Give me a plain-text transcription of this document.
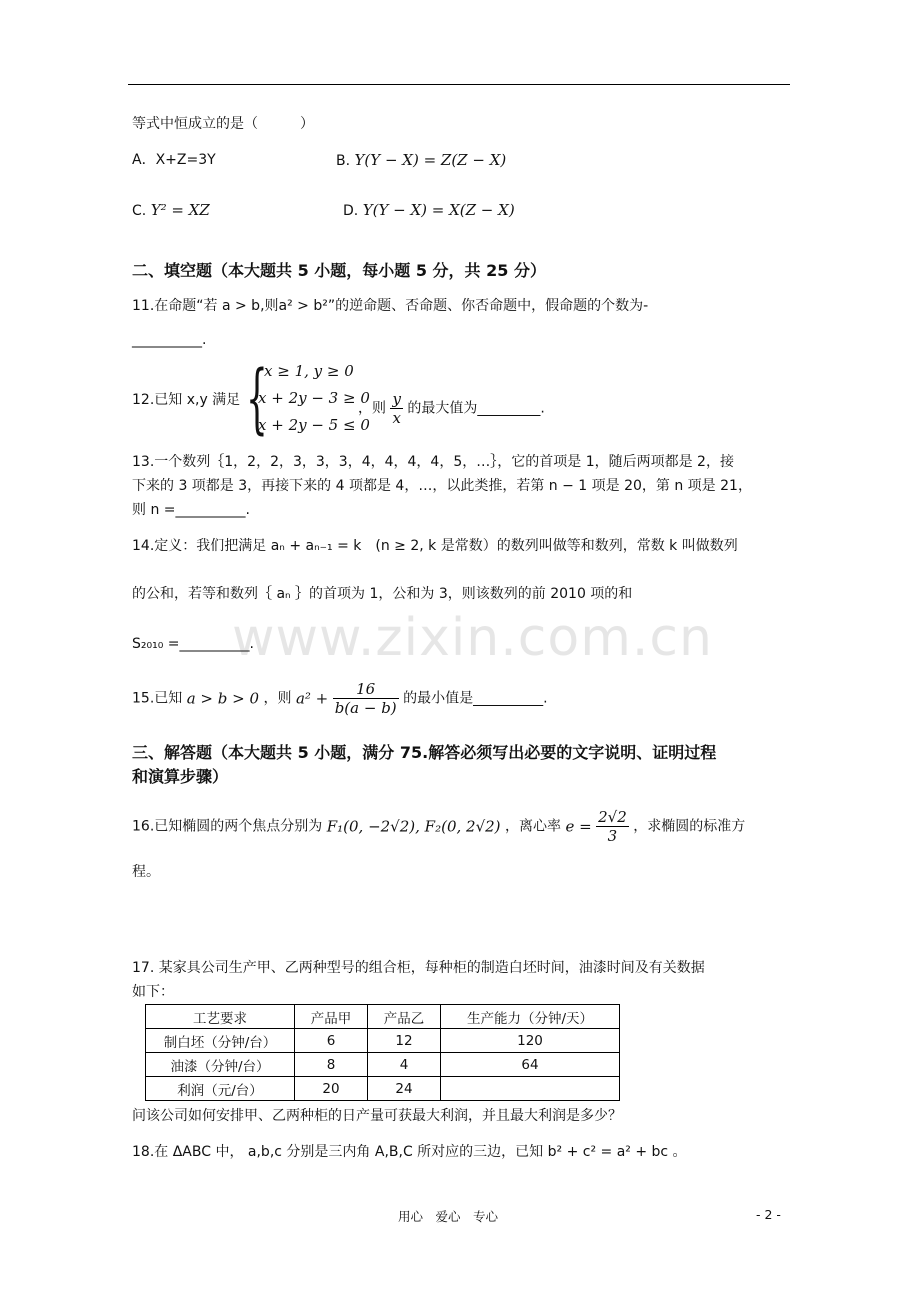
www.zixin.com.cn
等式中恒成立的是（　　　）
A．X+Z=3Y	B. Y(Y − X) = Z(Z − X)
C. Y² = XZ	D. Y(Y − X) = X(Z − X)
二、填空题（本大题共 5 小题，每小题 5 分，共 25 分）
11.在命题“若 a > b,则a² > b²”的逆命题、否命题、你否命题中，假命题的个数为-
__________.
12.已知 x,y 满足 {
x ≥ 1, y ≥ 0
x + 2y − 3 ≥ 0
x + 2y − 5 ≤ 0
，则 $\frac{y}{x}$ 的最大值为_________.
13.一个数列｛1，2，2，3，3，3，4，4，4，4，5，…｝，它的首项是 1，随后两项都是 2，接
下来的 3 项都是 3，再接下来的 4 项都是 4，…，以此类推，若第 n − 1 项是 20，第 n 项是 21，
则 n =__________.
14.定义：我们把满足 aₙ + aₙ₋₁ = k　(n ≥ 2, k 是常数）的数列叫做等和数列，常数 k 叫做数列
的公和，若等和数列｛ aₙ ｝的首项为 1，公和为 3，则该数列的前 2010 项的和
S₂₀₁₀ =__________.
15.已知 a > b > 0 ，则 $a^2 + \frac{16}{b(a - b)}$ 的最小值是__________.
三、解答题（本大题共 5 小题，满分 75.解答必须写出必要的文字说明、证明过程
和演算步骤）
16.已知椭圆的两个焦点分别为 F₁(0, −2√2), F₂(0, 2√2) ，离心率 $e = \frac{2√2}{3}$ ，求椭圆的标准方
程。
17. 某家具公司生产甲、乙两种型号的组合柜，每种柜的制造白坯时间，油漆时间及有关数据
如下：
工艺要求	产品甲	产品乙	生产能力（分钟/天）
制白坯（分钟/台）	6	12	120
油漆（分钟/台）	8	4	64
利润（元/台）	20	24	
问该公司如何安排甲、乙两种柜的日产量可获最大利润，并且最大利润是多少？
18.在 ΔABC 中， a,b,c 分别是三内角 A,B,C 所对应的三边，已知 b² + c² = a² + bc 。
用心　爱心　专心	- 2 -
